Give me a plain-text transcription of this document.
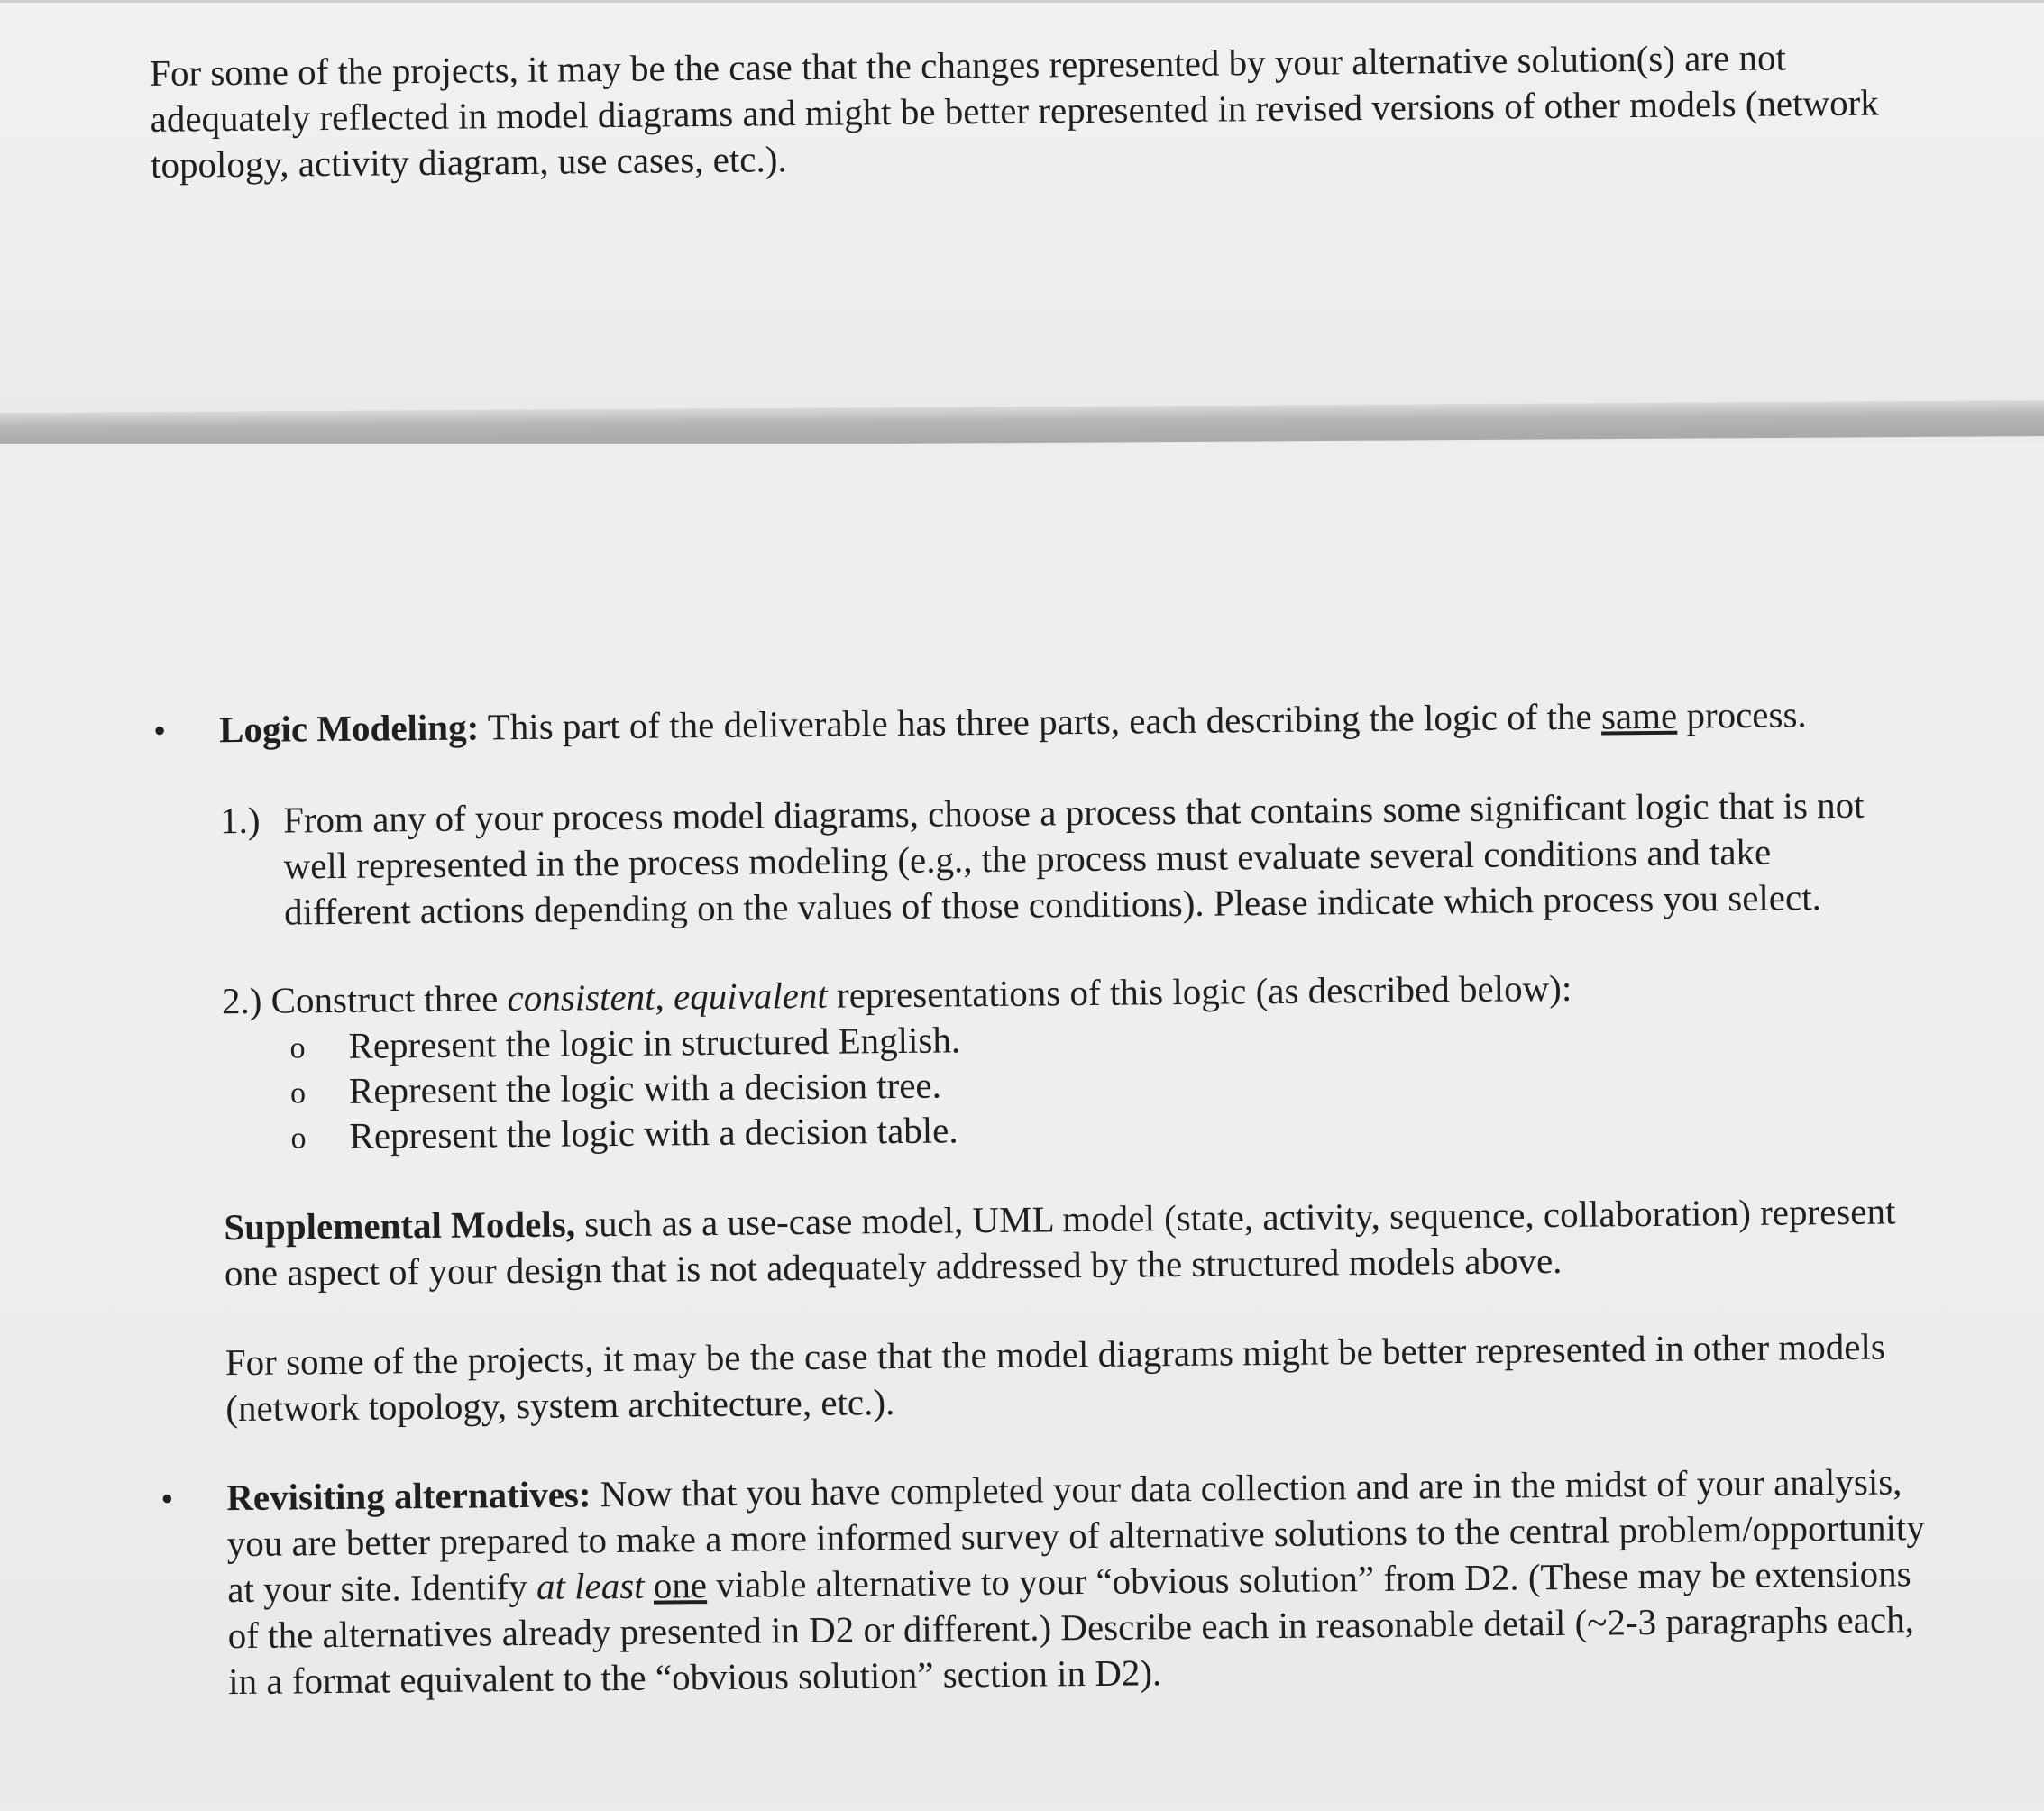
For some of the projects, it may be the case that the changes represented by your alternative solution(s) are not adequately reflected in model diagrams and might be better represented in revised versions of other models (network topology, activity diagram, use cases, etc.).

• Logic Modeling: This part of the deliverable has three parts, each describing the logic of the same process.

1.) From any of your process model diagrams, choose a process that contains some significant logic that is not well represented in the process modeling (e.g., the process must evaluate several conditions and take different actions depending on the values of those conditions). Please indicate which process you select.

2.) Construct three consistent, equivalent representations of this logic (as described below):

o Represent the logic in structured English.

o Represent the logic with a decision tree.

o Represent the logic with a decision table.

Supplemental Models, such as a use-case model, UML model (state, activity, sequence, collaboration) represent one aspect of your design that is not adequately addressed by the structured models above.

For some of the projects, it may be the case that the model diagrams might be better represented in other models (network topology, system architecture, etc.).

• Revisiting alternatives: Now that you have completed your data collection and are in the midst of your analysis, you are better prepared to make a more informed survey of alternative solutions to the central problem/opportunity at your site. Identify at least one viable alternative to your “obvious solution” from D2. (These may be extensions of the alternatives already presented in D2 or different.) Describe each in reasonable detail (~2-3 paragraphs each, in a format equivalent to the “obvious solution” section in D2).
